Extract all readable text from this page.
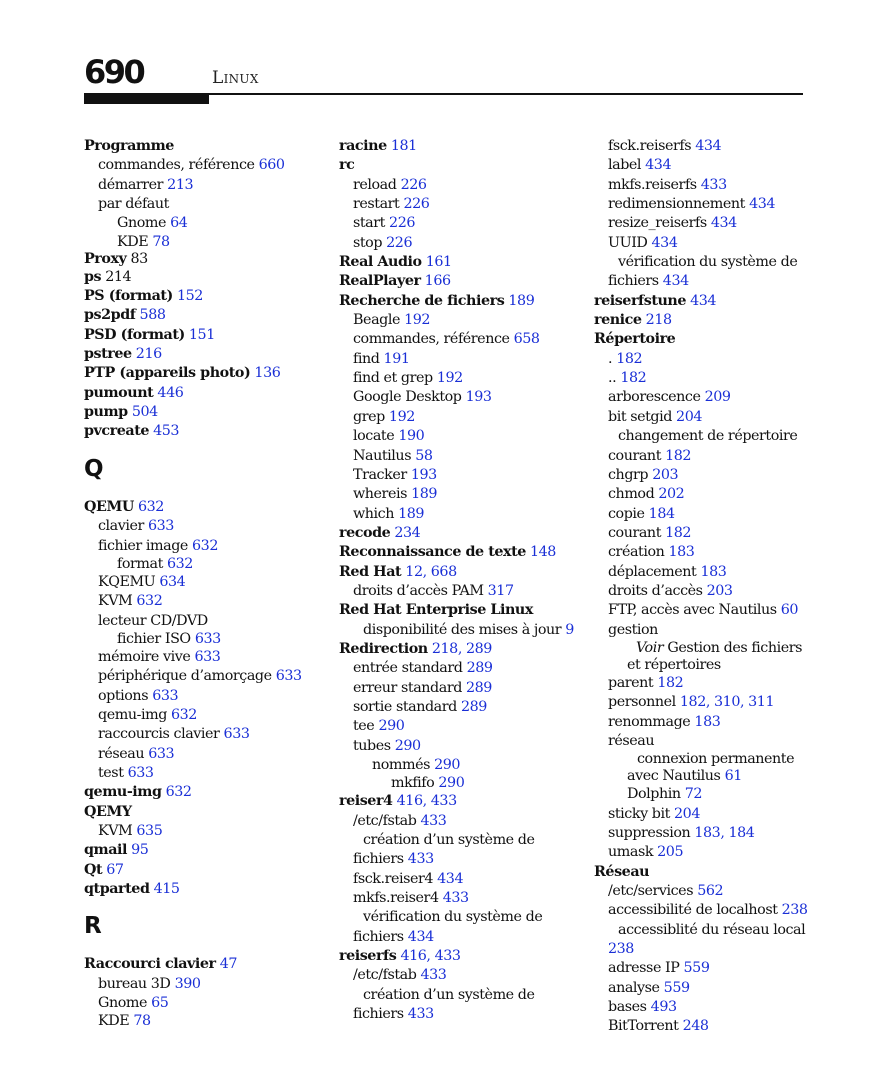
690	Linux
Programme
commandes, référence 660
démarrer 213
par défaut
Gnome 64
KDE 78
Proxy 83
ps 214
PS (format) 152
ps2pdf 588
PSD (format) 151
pstree 216
PTP (appareils photo) 136
pumount 446
pump 504
pvcreate 453
Q
QEMU 632
clavier 633
fichier image 632
format 632
KQEMU 634
KVM 632
lecteur CD/DVD
fichier ISO 633
mémoire vive 633
périphérique d’amorçage 633
options 633
qemu-img 632
raccourcis clavier 633
réseau 633
test 633
qemu-img 632
QEMY
KVM 635
qmail 95
Qt 67
qtparted 415
R
Raccourci clavier 47
bureau 3D 390
Gnome 65
KDE 78
racine 181
rc
reload 226
restart 226
start 226
stop 226
Real Audio 161
RealPlayer 166
Recherche de fichiers 189
Beagle 192
commandes, référence 658
find 191
find et grep 192
Google Desktop 193
grep 192
locate 190
Nautilus 58
Tracker 193
whereis 189
which 189
recode 234
Reconnaissance de texte 148
Red Hat 12, 668
droits d’accès PAM 317
Red Hat Enterprise Linux
disponibilité des mises à jour 9
Redirection 218, 289
entrée standard 289
erreur standard 289
sortie standard 289
tee 290
tubes 290
nommés 290
mkfifo 290
reiser4 416, 433
/etc/fstab 433
création d’un système de fichiers 433
fsck.reiser4 434
mkfs.reiser4 433
vérification du système de fichiers 434
reiserfs 416, 433
/etc/fstab 433
création d’un système de fichiers 433
fsck.reiserfs 434
label 434
mkfs.reiserfs 433
redimensionnement 434
resize_reiserfs 434
UUID 434
vérification du système de fichiers 434
reiserfstune 434
renice 218
Répertoire
. 182
.. 182
arborescence 209
bit setgid 204
changement de répertoire courant 182
chgrp 203
chmod 202
copie 184
courant 182
création 183
déplacement 183
droits d’accès 203
FTP, accès avec Nautilus 60
gestion
Voir Gestion des fichiers et répertoires
parent 182
personnel 182, 310, 311
renommage 183
réseau
connexion permanente avec Nautilus 61
Dolphin 72
sticky bit 204
suppression 183, 184
umask 205
Réseau
/etc/services 562
accessibilité de localhost 238
accessiblité du réseau local 238
adresse IP 559
analyse 559
bases 493
BitTorrent 248
